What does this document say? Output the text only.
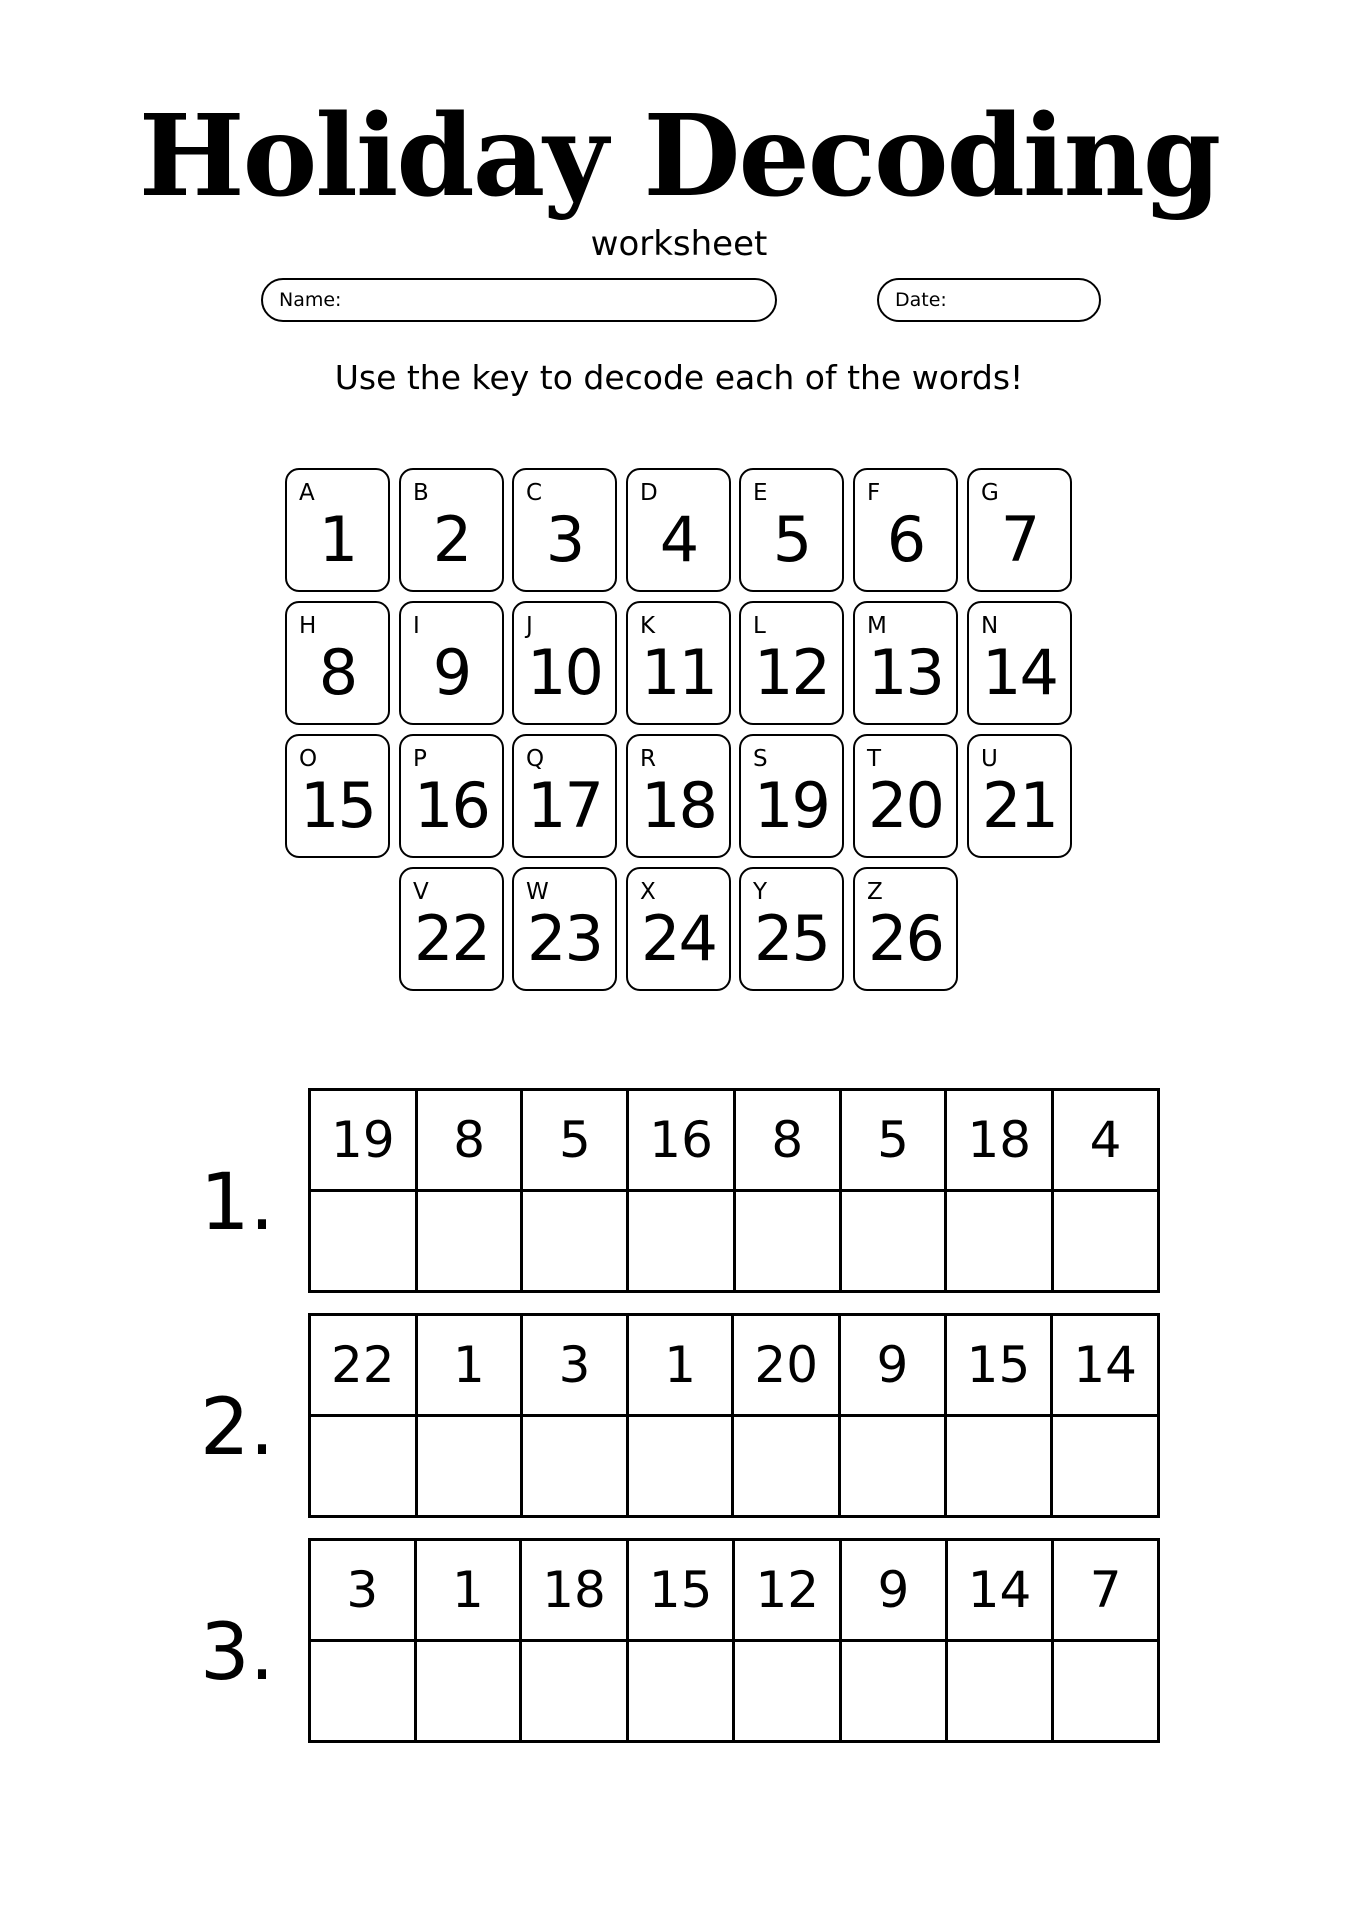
Holiday Decoding
worksheet
Name:	Date:
Use the key to decode each of the words!
A
1
B
2
C
3
D
4
E
5
F
6
G
7
H
8
I
9
J
10
K
11
L
12
M
13
N
14
O
15
P
16
Q
17
R
18
S
19
T
20
U
21
V
22
W
23
X
24
Y
25
Z
26
1.
19	8	5	16	8	5	18	4

2.
22	1	3	1	20	9	15	14

3.
3	1	18	15	12	9	14	7
